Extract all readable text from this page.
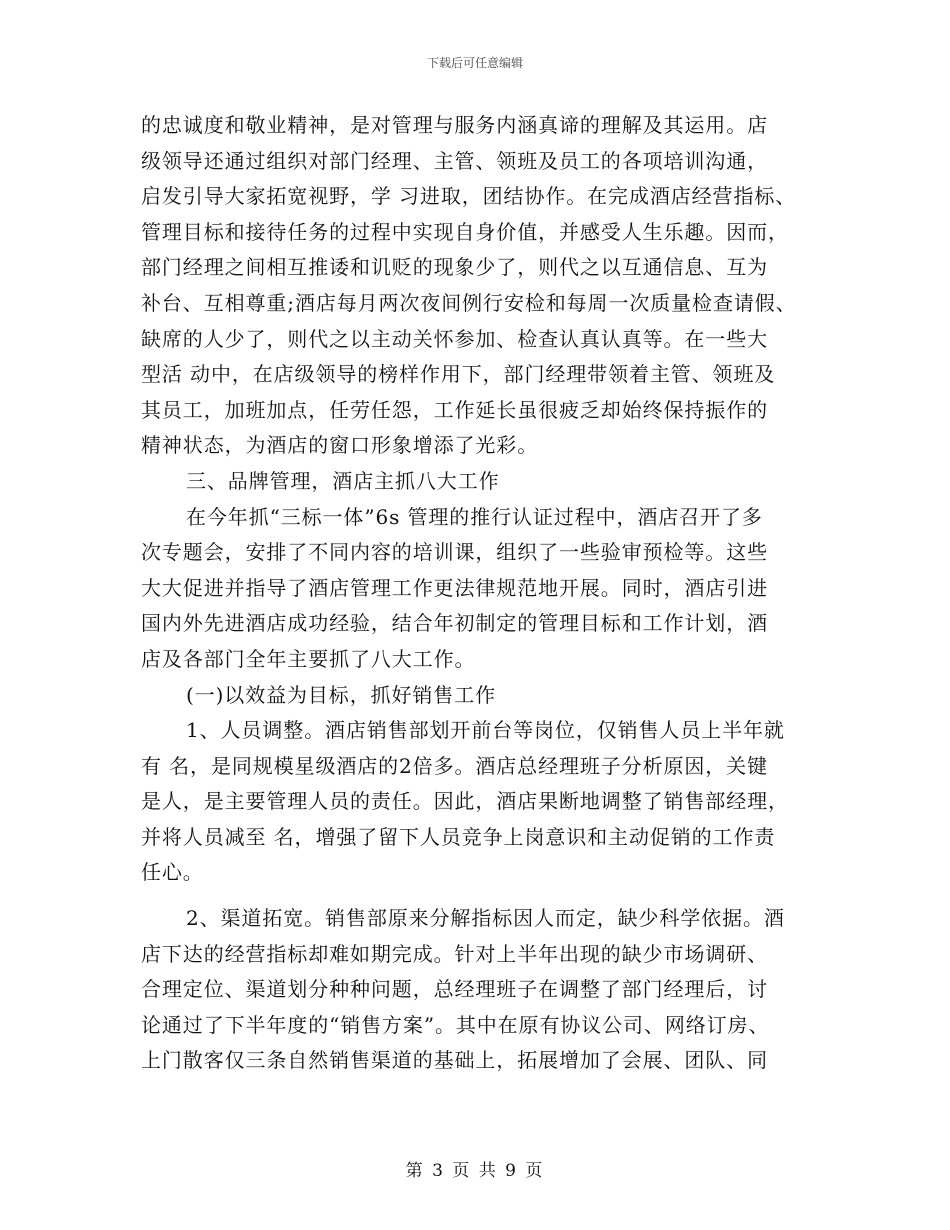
下载后可任意编辑
的忠诚度和敬业精神，是对管理与服务内涵真谛的理解及其运用。店
级领导还通过组织对部门经理、主管、领班及员工的各项培训沟通，
启发引导大家拓宽视野，学 习进取，团结协作。在完成酒店经营指标、
管理目标和接待任务的过程中实现自身价值，并感受人生乐趣。因而，
部门经理之间相互推诿和讥贬的现象少了，则代之以互通信息、互为
补台、互相尊重;酒店每月两次夜间例行安检和每周一次质量检查请假、
缺席的人少了，则代之以主动关怀参加、检查认真认真等。在一些大
型活 动中，在店级领导的榜样作用下，部门经理带领着主管、领班及
其员工，加班加点，任劳任怨，工作延长虽很疲乏却始终保持振作的
精神状态，为酒店的窗口形象增添了光彩。
三、品牌管理，酒店主抓八大工作
在今年抓“三标一体”6s 管理的推行认证过程中，酒店召开了多
次专题会，安排了不同内容的培训课，组织了一些验审预检等。这些
大大促进并指导了酒店管理工作更法律规范地开展。同时，酒店引进
国内外先进酒店成功经验，结合年初制定的管理目标和工作计划，酒
店及各部门全年主要抓了八大工作。
(一)以效益为目标，抓好销售工作
1、人员调整。酒店销售部划开前台等岗位，仅销售人员上半年就
有 名，是同规模星级酒店的2倍多。酒店总经理班子分析原因，关键
是人，是主要管理人员的责任。因此，酒店果断地调整了销售部经理，
并将人员减至 名，增强了留下人员竞争上岗意识和主动促销的工作责
任心。
2、渠道拓宽。销售部原来分解指标因人而定，缺少科学依据。酒
店下达的经营指标却难如期完成。针对上半年出现的缺少市场调研、
合理定位、渠道划分种种问题，总经理班子在调整了部门经理后，讨
论通过了下半年度的“销售方案”。其中在原有协议公司、网络订房、
上门散客仅三条自然销售渠道的基础上，拓展增加了会展、团队、同
第 3 页 共 9 页
